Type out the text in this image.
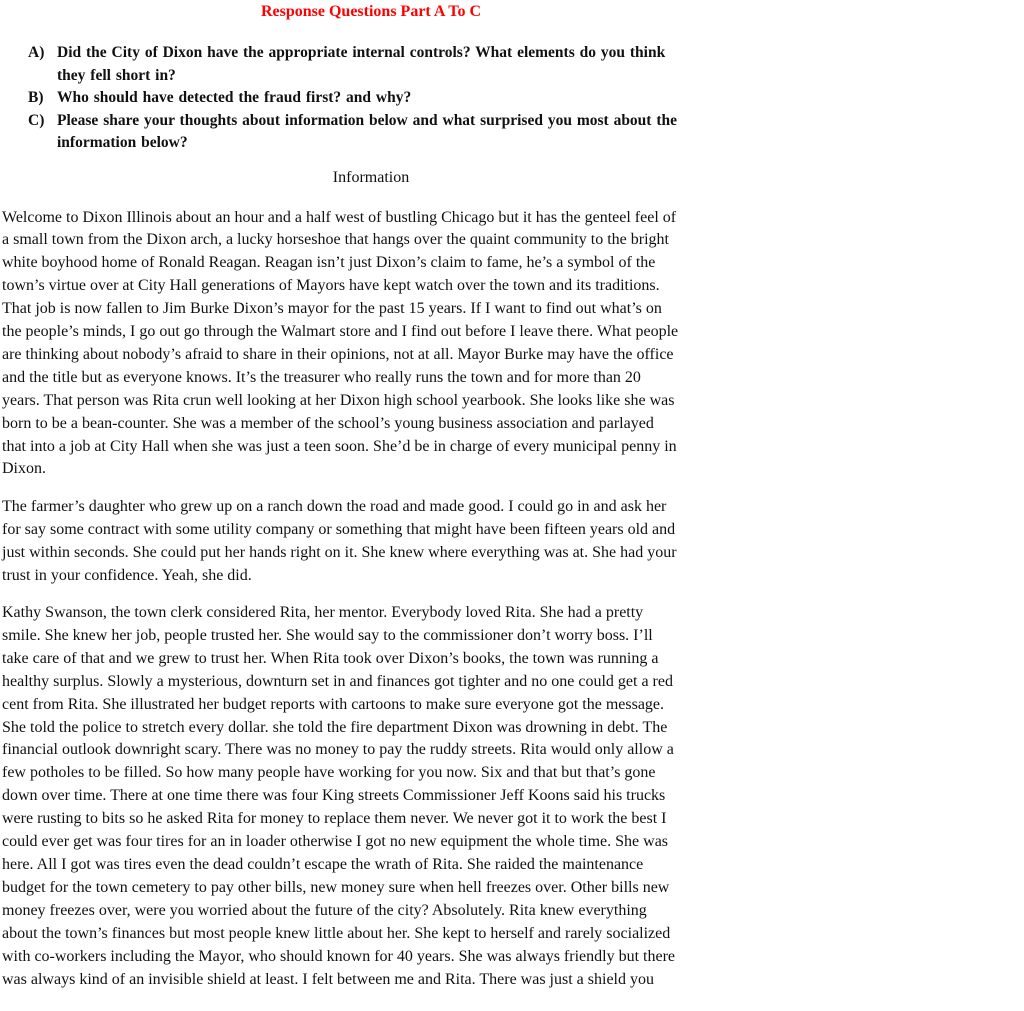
Response Questions Part A To C
A) Did the City of Dixon have the appropriate internal controls? What elements do you think
they fell short in?
B) Who should have detected the fraud first? and why?
C) Please share your thoughts about information below and what surprised you most about the
information below?
Information

Welcome to Dixon Illinois about an hour and a half west of bustling Chicago but it has the genteel feel of
a small town from the Dixon arch, a lucky horseshoe that hangs over the quaint community to the bright
white boyhood home of Ronald Reagan. Reagan isn’t just Dixon’s claim to fame, he’s a symbol of the
town’s virtue over at City Hall generations of Mayors have kept watch over the town and its traditions.
That job is now fallen to Jim Burke Dixon’s mayor for the past 15 years. If I want to find out what’s on
the people’s minds, I go out go through the Walmart store and I find out before I leave there. What people
are thinking about nobody’s afraid to share in their opinions, not at all. Mayor Burke may have the office
and the title but as everyone knows. It’s the treasurer who really runs the town and for more than 20
years. That person was Rita crun well looking at her Dixon high school yearbook. She looks like she was
born to be a bean-counter. She was a member of the school’s young business association and parlayed
that into a job at City Hall when she was just a teen soon. She’d be in charge of every municipal penny in
Dixon.

The farmer’s daughter who grew up on a ranch down the road and made good. I could go in and ask her
for say some contract with some utility company or something that might have been fifteen years old and
just within seconds. She could put her hands right on it. She knew where everything was at. She had your
trust in your confidence. Yeah, she did.

Kathy Swanson, the town clerk considered Rita, her mentor. Everybody loved Rita. She had a pretty
smile. She knew her job, people trusted her. She would say to the commissioner don’t worry boss. I’ll
take care of that and we grew to trust her. When Rita took over Dixon’s books, the town was running a
healthy surplus. Slowly a mysterious, downturn set in and finances got tighter and no one could get a red
cent from Rita. She illustrated her budget reports with cartoons to make sure everyone got the message.
She told the police to stretch every dollar. she told the fire department Dixon was drowning in debt. The
financial outlook downright scary. There was no money to pay the ruddy streets. Rita would only allow a
few potholes to be filled. So how many people have working for you now. Six and that but that’s gone
down over time. There at one time there was four King streets Commissioner Jeff Koons said his trucks
were rusting to bits so he asked Rita for money to replace them never. We never got it to work the best I
could ever get was four tires for an in loader otherwise I got no new equipment the whole time. She was
here. All I got was tires even the dead couldn’t escape the wrath of Rita. She raided the maintenance
budget for the town cemetery to pay other bills, new money sure when hell freezes over. Other bills new
money freezes over, were you worried about the future of the city? Absolutely. Rita knew everything
about the town’s finances but most people knew little about her. She kept to herself and rarely socialized
with co-workers including the Mayor, who should known for 40 years. She was always friendly but there
was always kind of an invisible shield at least. I felt between me and Rita. There was just a shield you
